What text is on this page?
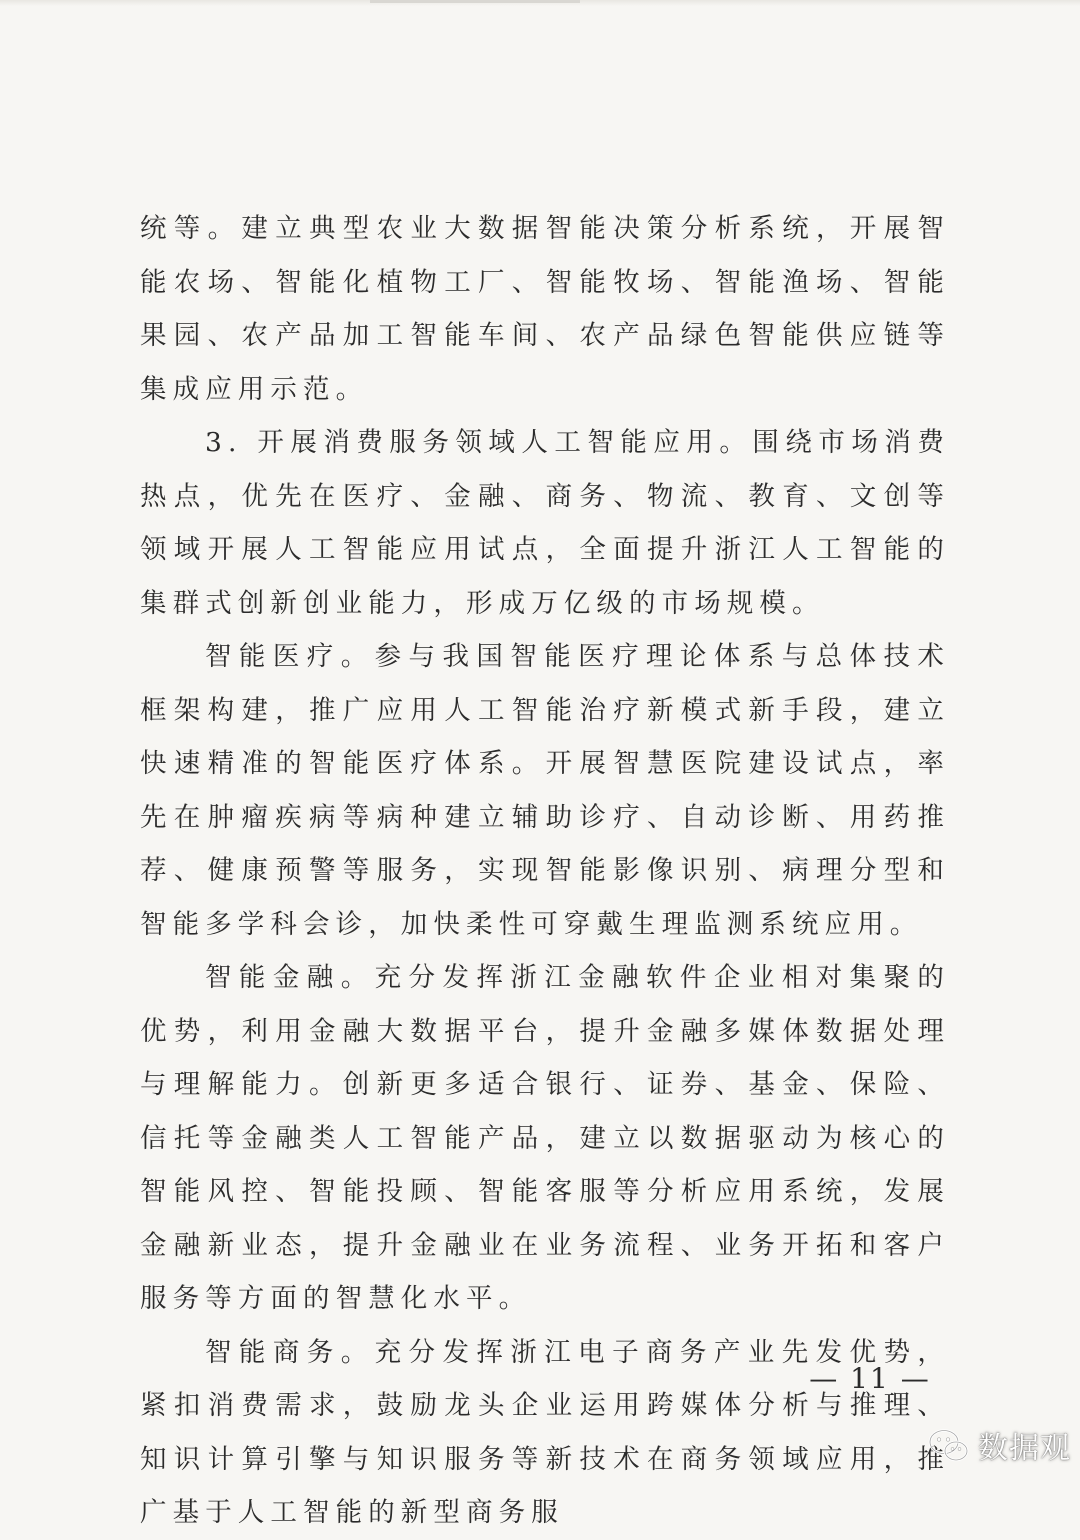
统等。建立典型农业大数据智能决策分析系统，开展智能农场、智能化植物工厂、智能牧场、智能渔场、智能果园、农产品加工智能车间、农产品绿色智能供应链等集成应用示范。

3. 开展消费服务领域人工智能应用。围绕市场消费热点，优先在医疗、金融、商务、物流、教育、文创等领域开展人工智能应用试点，全面提升浙江人工智能的集群式创新创业能力，形成万亿级的市场规模。

智能医疗。参与我国智能医疗理论体系与总体技术框架构建，推广应用人工智能治疗新模式新手段，建立快速精准的智能医疗体系。开展智慧医院建设试点，率先在肿瘤疾病等病种建立辅助诊疗、自动诊断、用药推荐、健康预警等服务，实现智能影像识别、病理分型和智能多学科会诊，加快柔性可穿戴生理监测系统应用。

智能金融。充分发挥浙江金融软件企业相对集聚的优势，利用金融大数据平台，提升金融多媒体数据处理与理解能力。创新更多适合银行、证券、基金、保险、信托等金融类人工智能产品，建立以数据驱动为核心的智能风控、智能投顾、智能客服等分析应用系统，发展金融新业态，提升金融业在业务流程、业务开拓和客户服务等方面的智慧化水平。

智能商务。充分发挥浙江电子商务产业先发优势，紧扣消费需求，鼓励龙头企业运用跨媒体分析与推理、知识计算引擎与知识服务等新技术在商务领域应用，推广基于人工智能的新型商务服

— 11 —
数据观
